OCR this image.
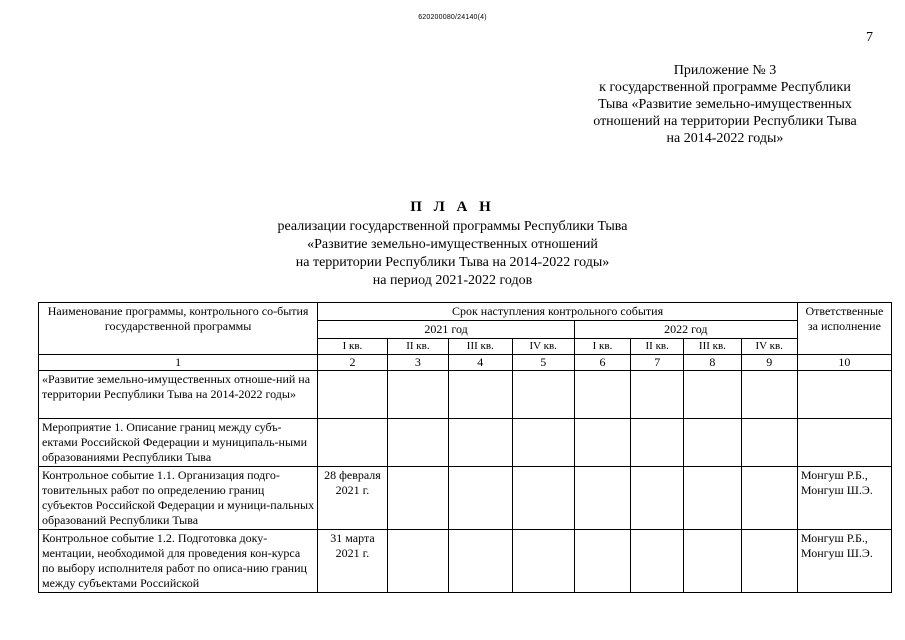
620200080/24140(4)
7
Приложение № 3
к государственной программе Республики
Тыва «Развитие земельно-имущественных
отношений на территории Республики Тыва
на 2014-2022 годы»
П Л А Н
реализации государственной программы Республики Тыва
«Развитие земельно-имущественных отношений
на территории Республики Тыва на 2014-2022 годы»
на период 2021-2022 годов
Наименование программы, контрольного со-бытия государственной программы	Срок наступления контрольного события								Ответственные за исполнение
	2021 год				2022 год				
	I кв.	II кв.	III кв.	IV кв.	I кв.	II кв.	III кв.	IV кв.	
1	2	3	4	5	6	7	8	9	10
«Развитие земельно-имущественных отноше-ний на территории Республики Тыва на 2014-2022 годы»									
Мероприятие 1. Описание границ между субъ-ектами Российской Федерации и муниципаль-ными образованиями Республики Тыва									
Контрольное событие 1.1. Организация подго-товительных работ по определению границ субъектов Российской Федерации и муници-пальных образований Республики Тыва	28 февраля 2021 г.								Монгуш Р.Б., Монгуш Ш.Э.
Контрольное событие 1.2. Подготовка доку-ментации, необходимой для проведения кон-курса по выбору исполнителя работ по описа-нию границ между субъектами Российской	31 марта 2021 г.								Монгуш Р.Б., Монгуш Ш.Э.
